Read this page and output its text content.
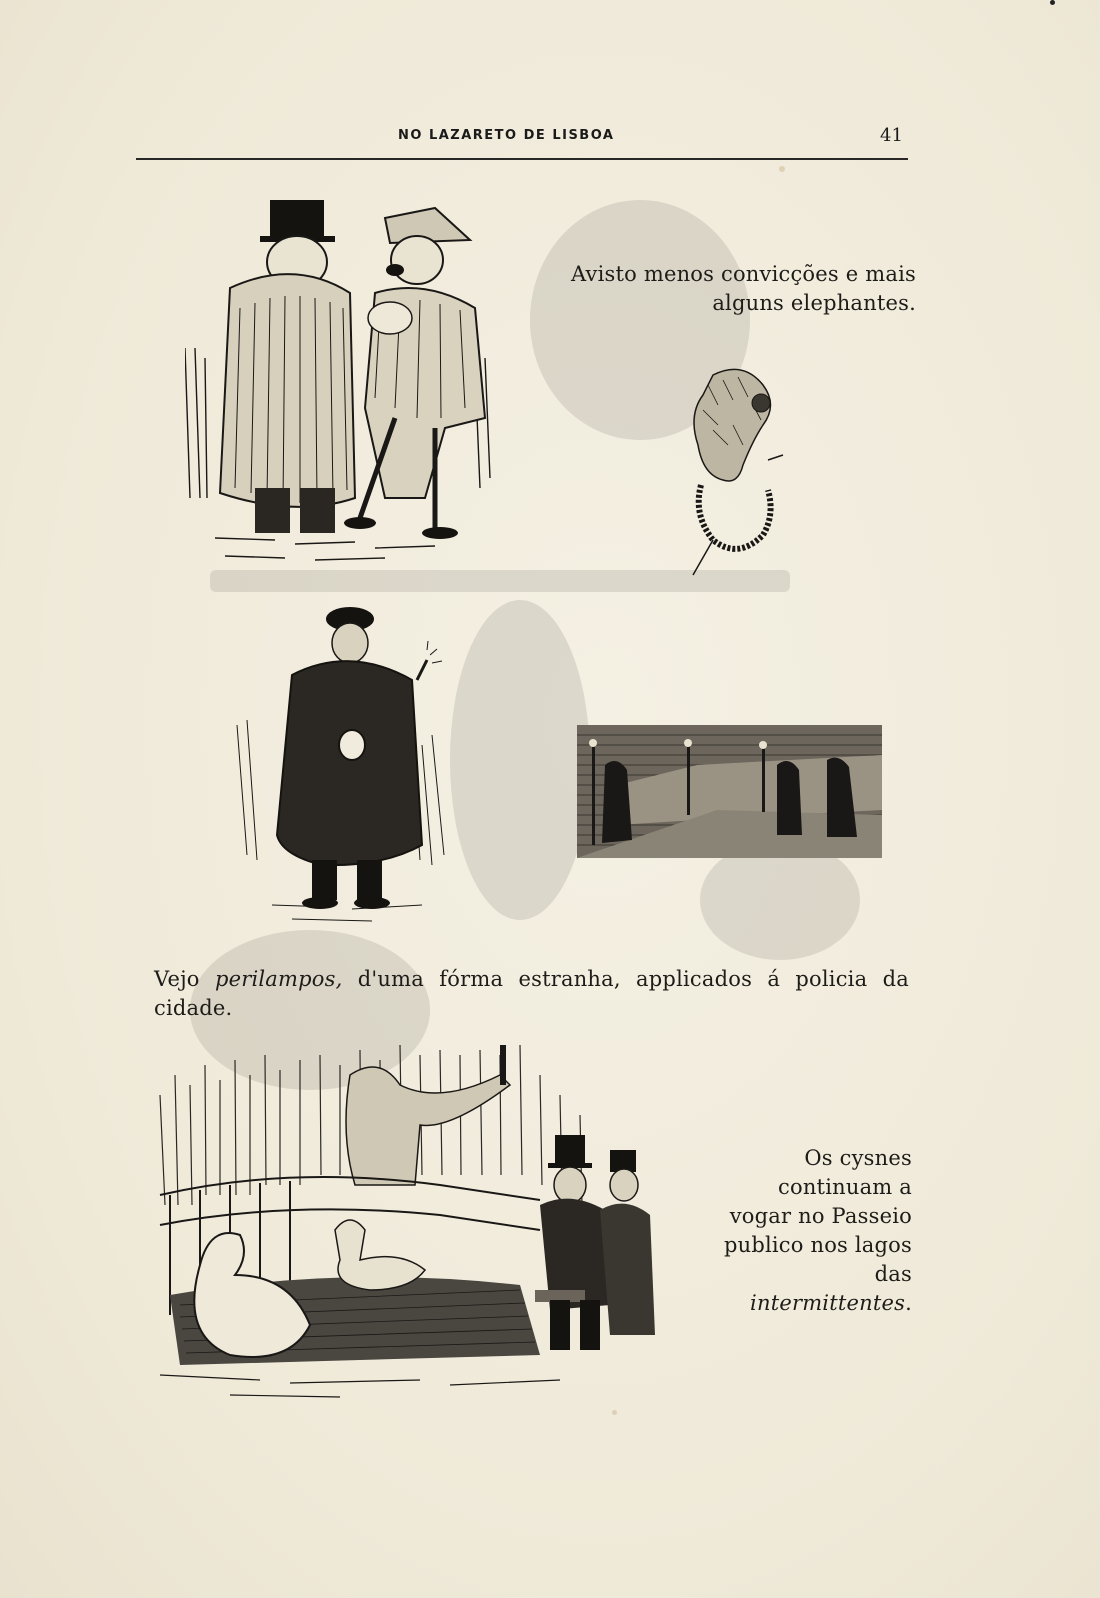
NO LAZARETO DE LISBOA	41
Avisto menos convicções e mais alguns elephantes.
Vejo perilampos, d'uma fórma estranha, applicados á policia da cidade.
Os cysnes continuam a vogar no Passeio publico nos lagos das intermittentes.
